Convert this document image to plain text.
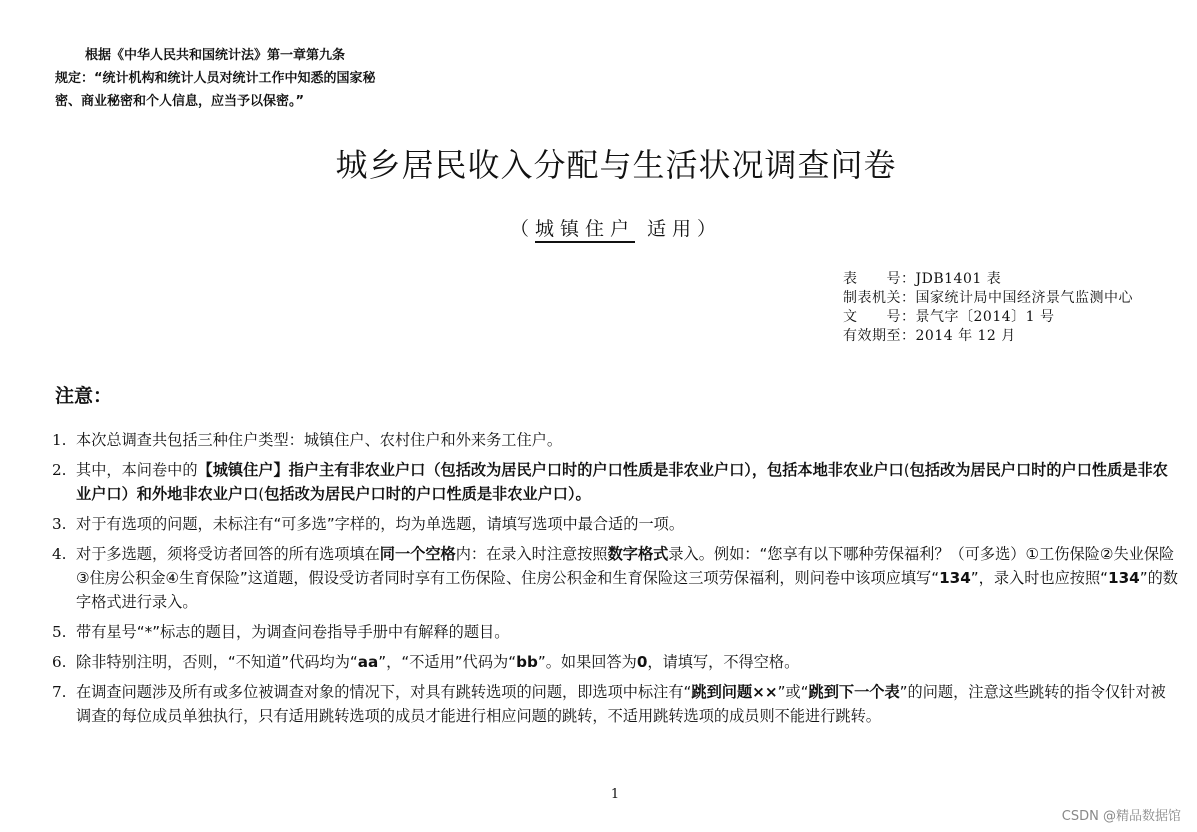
根据《中华人民共和国统计法》第一章第九条
规定：“统计机构和统计人员对统计工作中知悉的国家秘密、商业秘密和个人信息，应当予以保密。”
城乡居民收入分配与生活状况调查问卷
（城镇住户 适用）
表　　号：JDB1401 表
制表机关：国家统计局中国经济景气监测中心
文　　号：景气字〔2014〕1 号
有效期至：2014 年 12 月
注意：
1. 本次总调查共包括三种住户类型：城镇住户、农村住户和外来务工住户。
2. 其中，本问卷中的【城镇住户】指户主有非农业户口（包括改为居民户口时的户口性质是非农业户口），包括本地非农业户口(包括改为居民户口时的户口性质是非农业户口）和外地非农业户口(包括改为居民户口时的户口性质是非农业户口）。
3. 对于有选项的问题，未标注有“可多选”字样的，均为单选题，请填写选项中最合适的一项。
4. 对于多选题，须将受访者回答的所有选项填在同一个空格内：在录入时注意按照数字格式录入。例如：“您享有以下哪种劳保福利？（可多选）①工伤保险②失业保险③住房公积金④生育保险”这道题，假设受访者同时享有工伤保险、住房公积金和生育保险这三项劳保福利，则问卷中该项应填写“134”，录入时也应按照“134”的数字格式进行录入。
5. 带有星号“*”标志的题目，为调查问卷指导手册中有解释的题目。
6. 除非特别注明，否则，“不知道”代码均为“aa”，“不适用”代码为“bb”。如果回答为0，请填写，不得空格。
7. 在调查问题涉及所有或多位被调查对象的情况下，对具有跳转选项的问题，即选项中标注有“跳到问题××”或“跳到下一个表”的问题，注意这些跳转的指令仅针对被调查的每位成员单独执行，只有适用跳转选项的成员才能进行相应问题的跳转，不适用跳转选项的成员则不能进行跳转。
1
CSDN @精品数据馆
